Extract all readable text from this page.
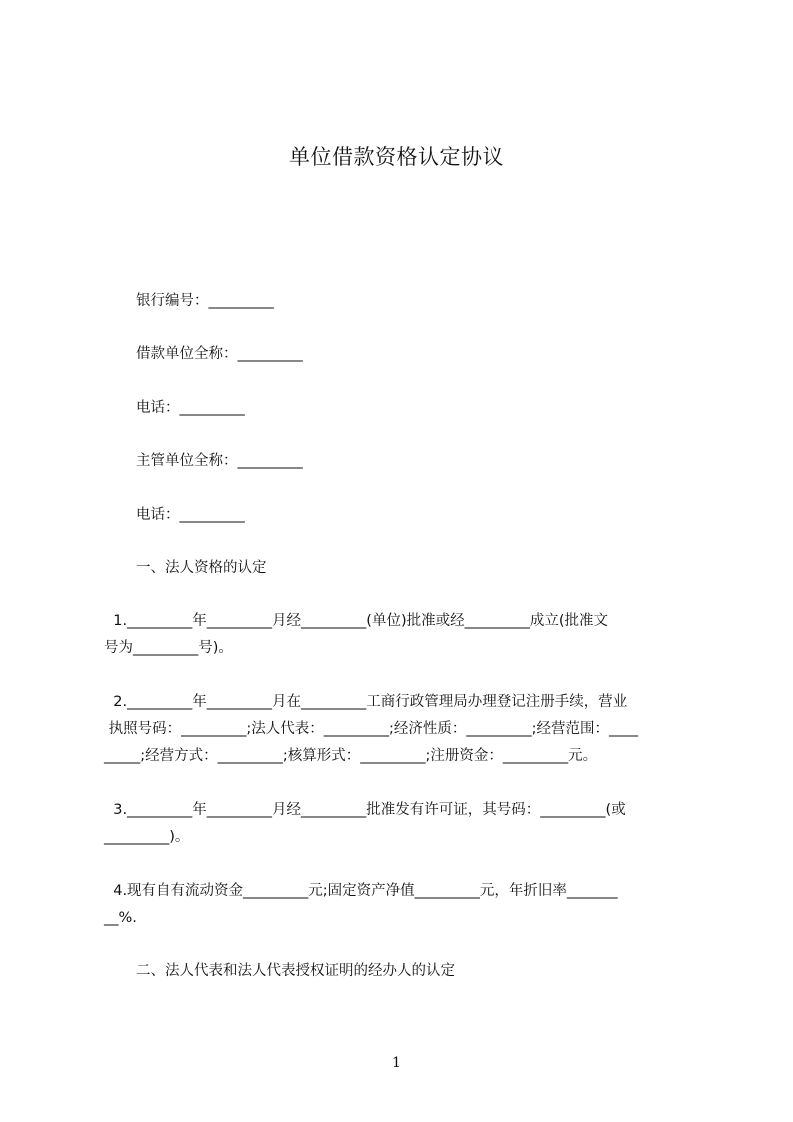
单位借款资格认定协议
银行编号：_________
借款单位全称：_________
电话：_________
主管单位全称：_________
电话：_________
一、法人资格的认定
1._________年_________月经_________(单位)批准或经_________成立(批准文
号为_________号)。
2._________年_________月在_________工商行政管理局办理登记注册手续，营业
执照号码：_________;法人代表：_________;经济性质：_________;经营范围：____
_____;经营方式：_________;核算形式：_________;注册资金：_________元。
3._________年_________月经_________批准发有许可证，其号码：_________(或
_________)。
4.现有自有流动资金_________元;固定资产净值_________元，年折旧率_______
__%.
二、法人代表和法人代表授权证明的经办人的认定
1
